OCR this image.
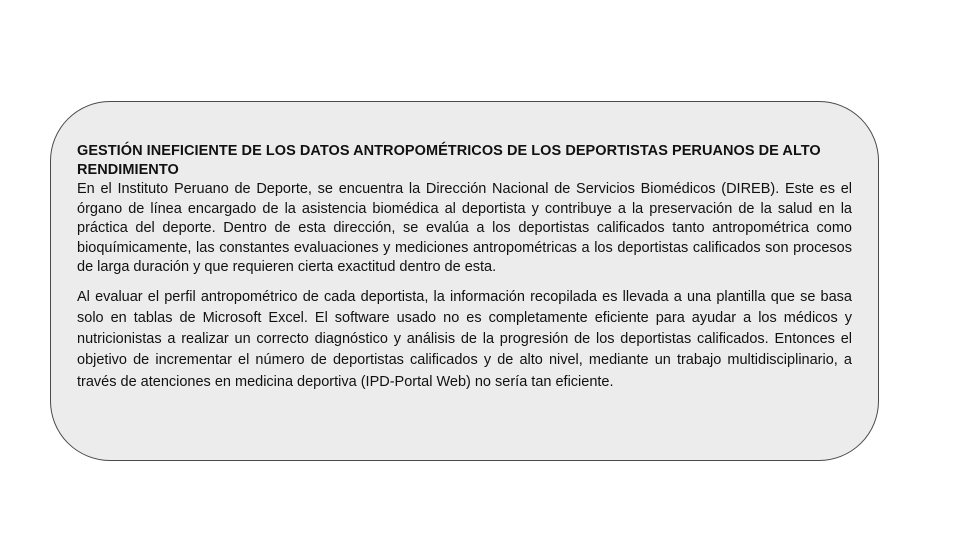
GESTIÓN INEFICIENTE DE LOS DATOS ANTROPOMÉTRICOS DE LOS DEPORTISTAS PERUANOS DE ALTO RENDIMIENTO

En el Instituto Peruano de Deporte, se encuentra la Dirección Nacional de Servicios Biomédicos (DIREB). Este es el órgano de línea encargado de la asistencia biomédica al deportista y contribuye a la preservación de la salud en la práctica del deporte. Dentro de esta dirección, se evalúa a los deportistas calificados tanto antropométrica como bioquímicamente, las constantes evaluaciones y mediciones antropométricas a los deportistas calificados son procesos de larga duración y que requieren cierta exactitud dentro de esta.

Al evaluar el perfil antropométrico de cada deportista, la información recopilada es llevada a una plantilla que se basa solo en tablas de Microsoft Excel. El software usado no es completamente eficiente para ayudar a los médicos y nutricionistas a realizar un correcto diagnóstico y análisis de la progresión de los deportistas calificados. Entonces el objetivo de incrementar el número de deportistas calificados y de alto nivel, mediante un trabajo multidisciplinario, a través de atenciones en medicina deportiva (IPD-Portal Web) no sería tan eficiente.
